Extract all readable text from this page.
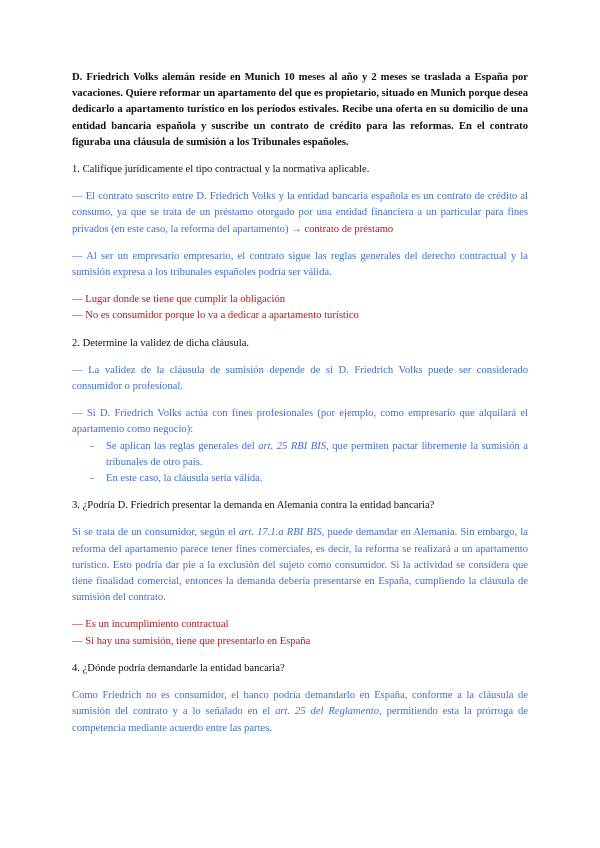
D. Friedrich Volks alemán reside en Munich 10 meses al año y 2 meses se traslada a España por vacaciones. Quiere reformar un apartamento del que es propietario, situado en Munich porque desea dedicarlo a apartamento turístico en los períodos estivales. Recibe una oferta en su domicilio de una entidad bancaria española y suscribe un contrato de crédito para las reformas. En el contrato figuraba una cláusula de sumisión a los Tribunales españoles.

1. Califique jurídicamente el tipo contractual y la normativa aplicable.

— El contrato suscrito entre D. Friedrich Volks y la entidad bancaria española es un contrato de crédito al consumo, ya que se trata de un préstamo otorgado por una entidad financiera a un particular para fines privados (en este caso, la reforma del apartamento) → contrato de préstamo

— Al ser un empresario empresario, el contrato sigue las reglas generales del derecho contractual y la sumisión expresa a los tribunales españoles podría ser válida.

— Lugar donde se tiene que cumplir la obligación

— No es consumidor porque lo va a dedicar a apartamento turístico

2. Determine la validez de dicha cláusula.

— La validez de la cláusula de sumisión depende de si D. Friedrich Volks puede ser considerado consumidor o profesional.

— Si D. Friedrich Volks actúa con fines profesionales (por ejemplo, como empresario que alquilará el apartamento como negocio):

- Se aplican las reglas generales del art. 25 RBI BIS, que permiten pactar libremente la sumisión a tribunales de otro país.
- En este caso, la cláusula sería válida.

3. ¿Podría D. Friedrich presentar la demanda en Alemania contra la entidad bancaria?

Si se trata de un consumidor, según el art. 17.1.a RBI BIS, puede demandar en Alemania. Sin embargo, la reforma del apartamento parece tener fines comerciales, es decir, la reforma se realizará a un apartamento turístico. Esto podría dar pie a la exclusión del sujeto como consumidor. Si la actividad se considera que tiene finalidad comercial, entonces la demanda debería presentarse en España, cumpliendo la cláusula de sumisión del contrato.

— Es un incumplimiento contractual

— Si hay una sumisión, tiene que presentarlo en España

4. ¿Dónde podría demandarle la entidad bancaria?

Como Friedrich no es consumidor, el banco podría demandarlo en España, conforme a la cláusula de sumisión del contrato y a lo señalado en el art. 25 del Reglamento, permitiendo esta la prórroga de competencia mediante acuerdo entre las partes.
